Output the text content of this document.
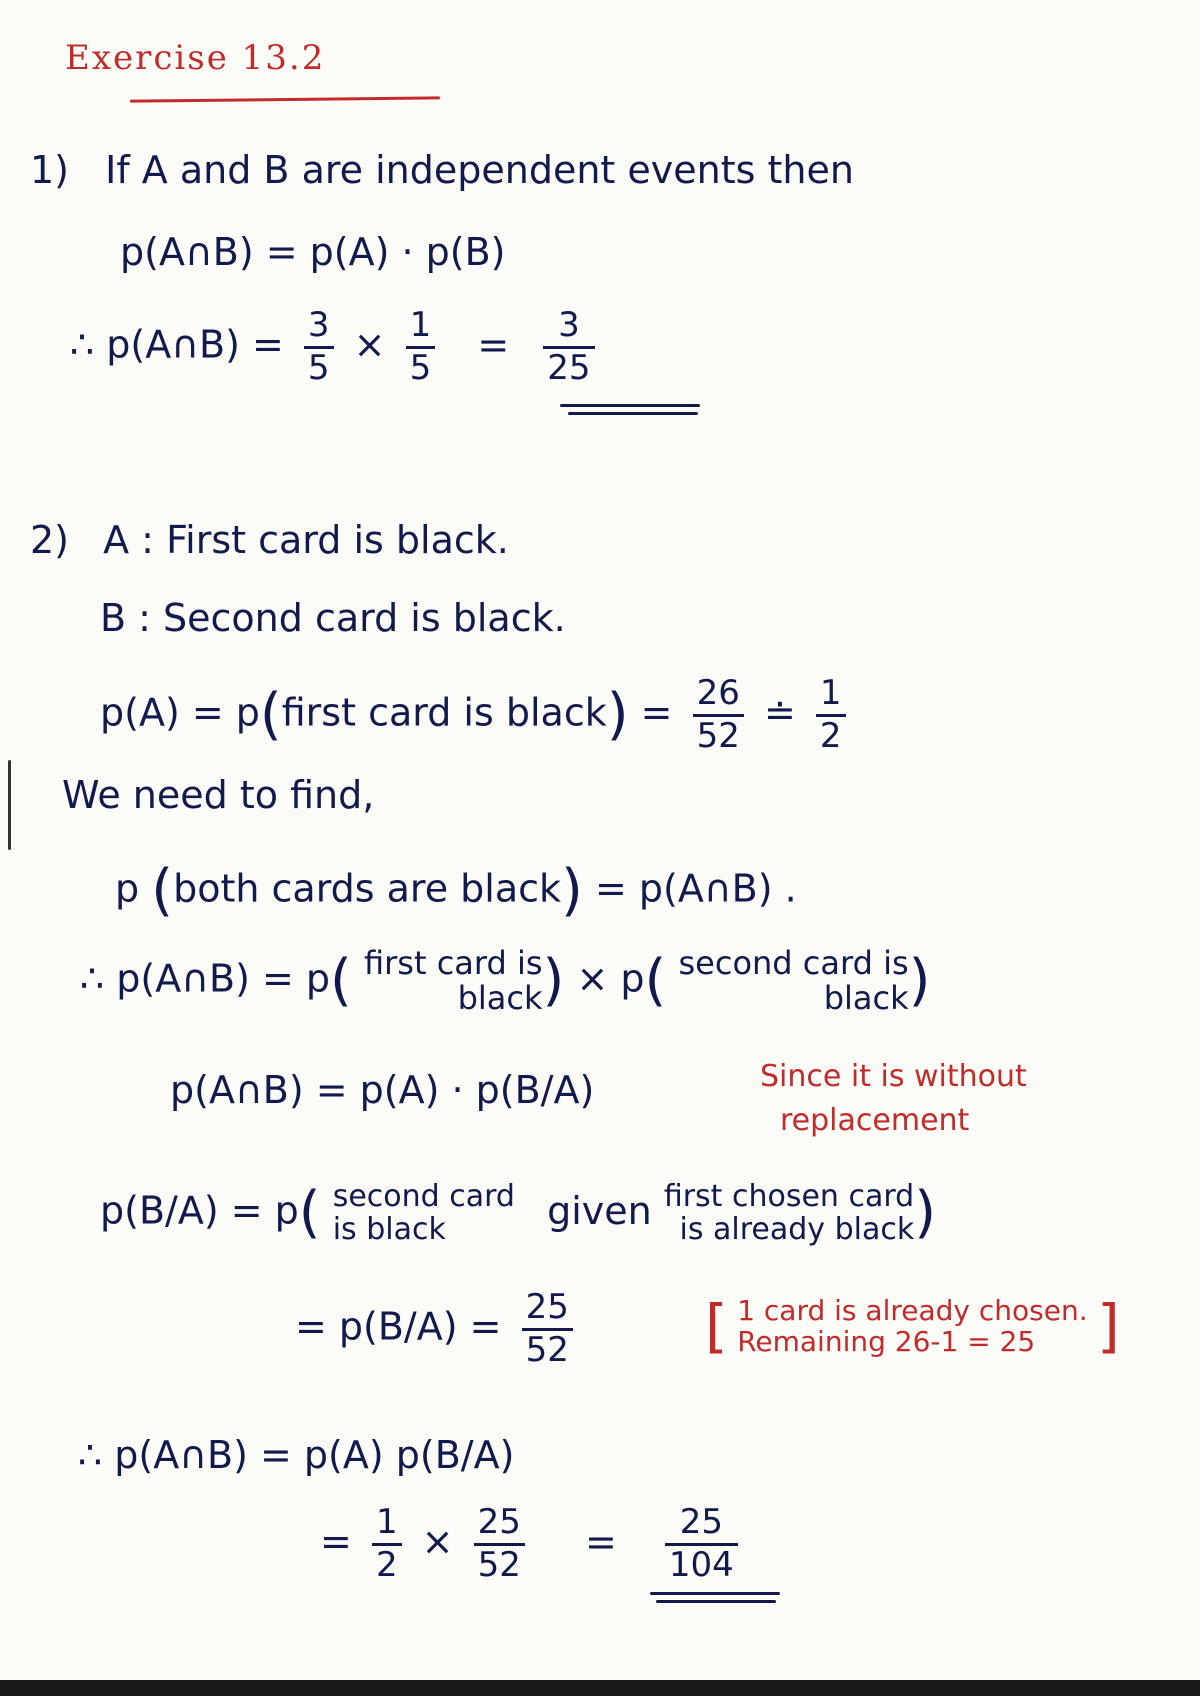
Exercise 13.2
1) If A and B are independent events then
p(A∩B) = p(A) · p(B)
∴ p(A∩B) = $\frac{3}{5} \times \frac{1}{5} = \frac{3}{25}$
2) A : First card is black.
B : Second card is black.
p(A) = p(first card is black) = $\frac{26}{52}$ ≐ $\frac{1}{2}$
We need to find,
p (both cards are black) = p(A∩B) .
∴ p(A∩B) = p( first card is
black ) × p( second card is
black )
p(A∩B) = p(A) · p(B/A)	Since it is without
replacement
p(B/A) = p( second card
is black	given first chosen card
is already black )
= $p(B/A) = \frac{25}{52}$ [ 1 card is already chosen.
Remaining 26-1 = 25	]
∴ p(A∩B) = p(A) p(B/A)
= $\frac{1}{2} \times \frac{25}{52} = \frac{25}{104}$
